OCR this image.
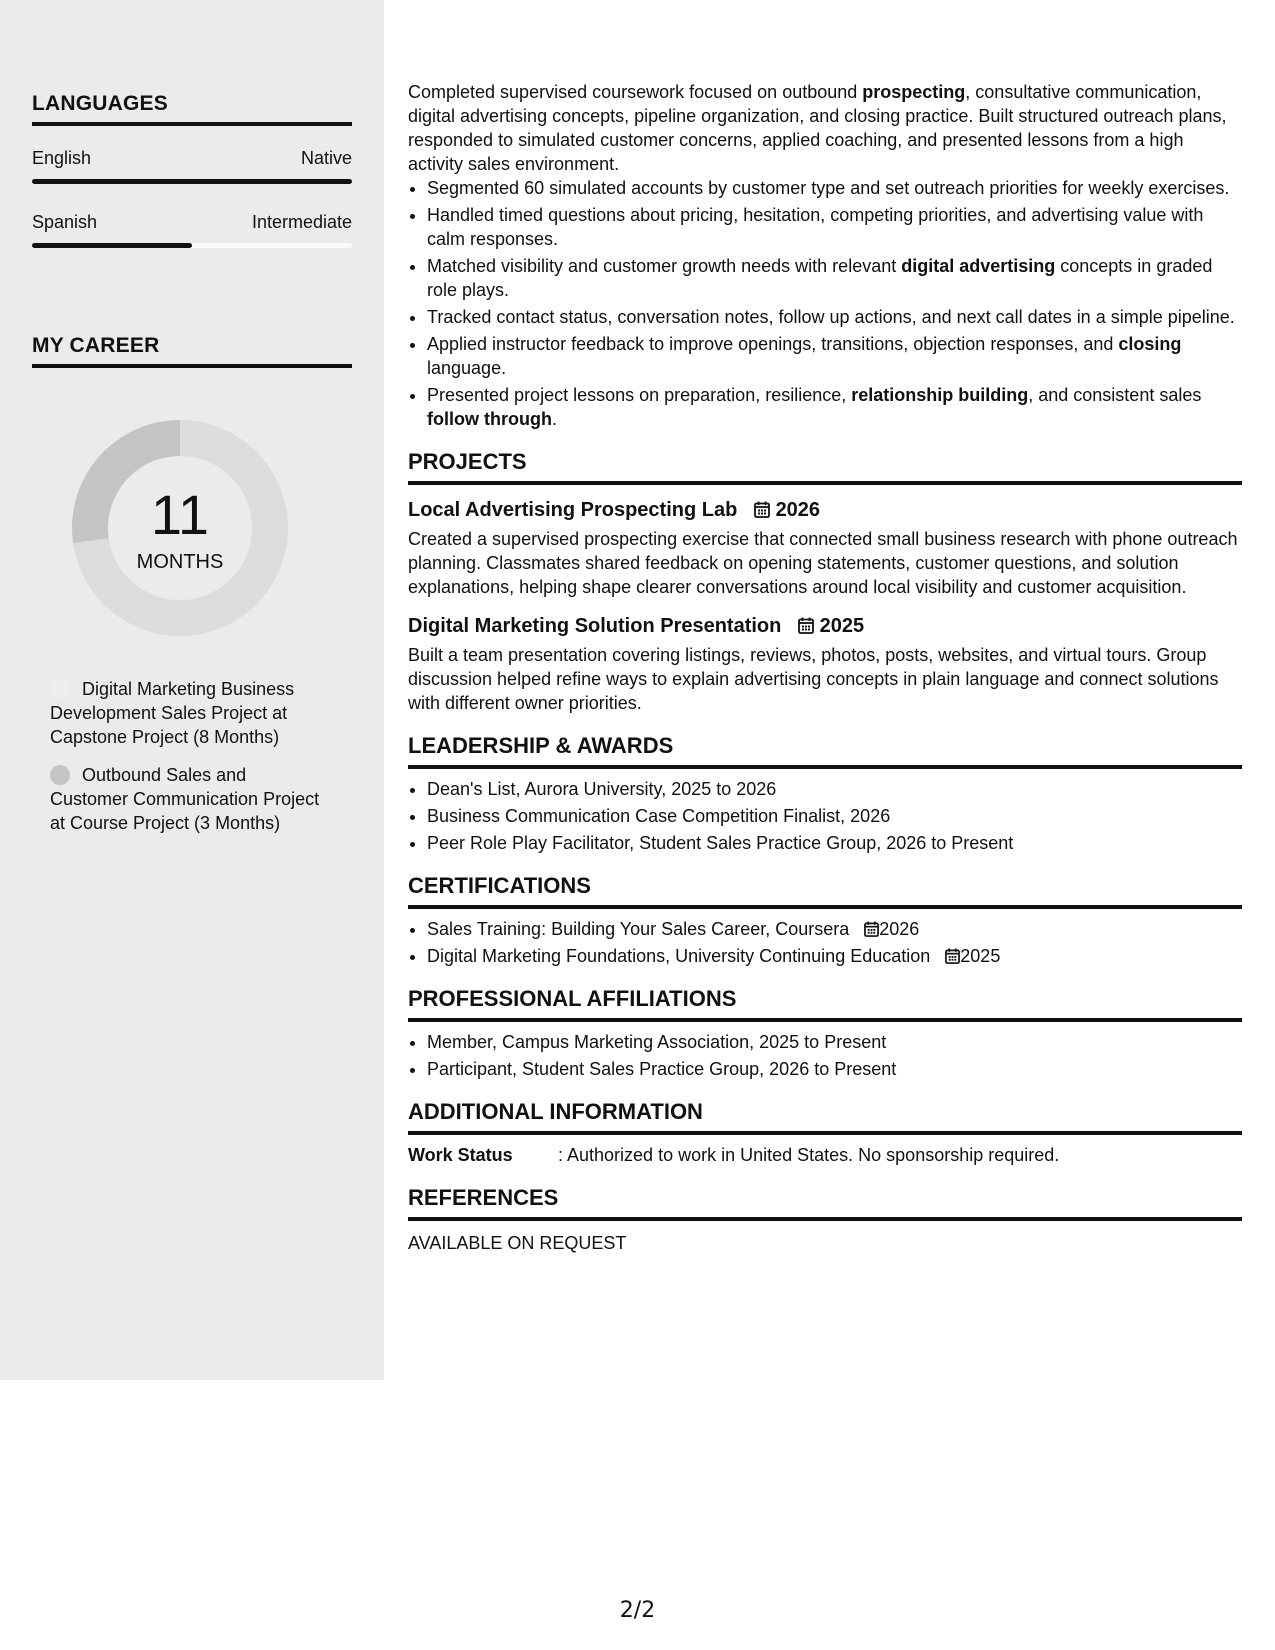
LANGUAGES
English	Native
Spanish	Intermediate
MY CAREER
11
MONTHS
Digital Marketing Business Development Sales Project at Capstone Project (8 Months)
Outbound Sales and Customer Communication Project at Course Project (3 Months)

Completed supervised coursework focused on outbound prospecting, consultative communication, digital advertising concepts, pipeline organization, and closing practice. Built structured outreach plans, responded to simulated customer concerns, applied coaching, and presented lessons from a high activity sales environment.

• Segmented 60 simulated accounts by customer type and set outreach priorities for weekly exercises.
• Handled timed questions about pricing, hesitation, competing priorities, and advertising value with calm responses.
• Matched visibility and customer growth needs with relevant digital advertising concepts in graded role plays.
• Tracked contact status, conversation notes, follow up actions, and next call dates in a simple pipeline.
• Applied instructor feedback to improve openings, transitions, objection responses, and closing language.
• Presented project lessons on preparation, resilience, relationship building, and consistent sales follow through.
PROJECTS
Local Advertising Prospecting Lab 2026

Created a supervised prospecting exercise that connected small business research with phone outreach planning. Classmates shared feedback on opening statements, customer questions, and solution explanations, helping shape clearer conversations around local visibility and customer acquisition.

Digital Marketing Solution Presentation 2025

Built a team presentation covering listings, reviews, photos, posts, websites, and virtual tours. Group discussion helped refine ways to explain advertising concepts in plain language and connect solutions with different owner priorities.

LEADERSHIP & AWARDS
• Dean's List, Aurora University, 2025 to 2026
• Business Communication Case Competition Finalist, 2026
• Peer Role Play Facilitator, Student Sales Practice Group, 2026 to Present
CERTIFICATIONS
• Sales Training: Building Your Sales Career, Coursera 2026
• Digital Marketing Foundations, University Continuing Education 2025
PROFESSIONAL AFFILIATIONS
• Member, Campus Marketing Association, 2025 to Present
• Participant, Student Sales Practice Group, 2026 to Present
ADDITIONAL INFORMATION
Work Status	: Authorized to work in United States. No sponsorship required.
REFERENCES

AVAILABLE ON REQUEST

2/2
